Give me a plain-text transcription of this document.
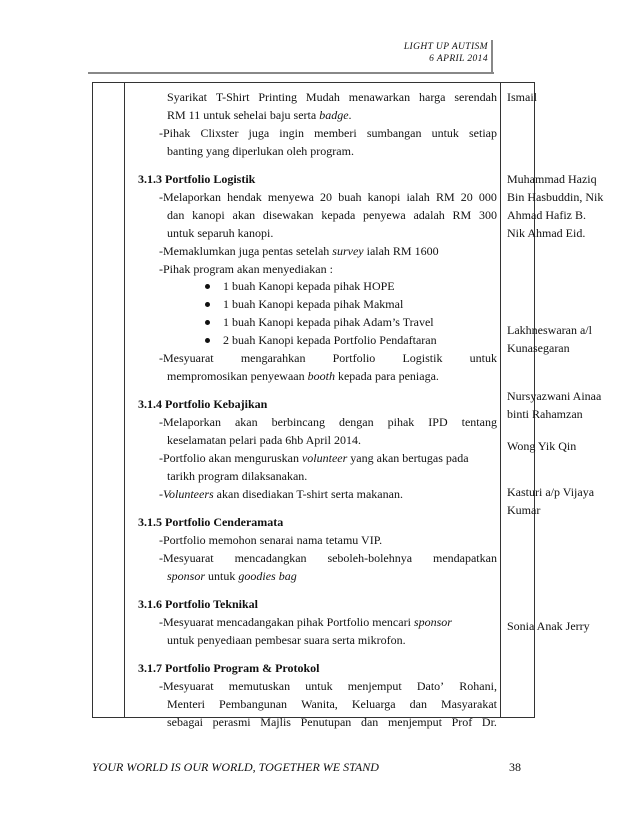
LIGHT UP AUTISM
6 APRIL 2014
Syarikat T-Shirt Printing Mudah menawarkan harga serendah
RM 11 untuk sehelai baju serta badge.
-Pihak Clixster juga ingin memberi sumbangan untuk setiap
banting yang diperlukan oleh program.
3.1.3 Portfolio Logistik
-Melaporkan hendak menyewa 20 buah kanopi ialah RM 20 000
dan kanopi akan disewakan kepada penyewa adalah RM 300
untuk separuh kanopi.
-Memaklumkan juga pentas setelah survey ialah RM 1600
-Pihak program akan menyediakan :
1 buah Kanopi kepada pihak HOPE
1 buah Kanopi kepada pihak Makmal
1 buah Kanopi kepada pihak Adam’s Travel
2 buah Kanopi kepada Portfolio Pendaftaran
-Mesyuarat mengarahkan Portfolio Logistik untuk
mempromosikan penyewaan booth kepada para peniaga.
3.1.4 Portfolio Kebajikan
-Melaporkan akan berbincang dengan pihak IPD tentang
keselamatan pelari pada 6hb April 2014.
-Portfolio akan menguruskan volunteer yang akan bertugas pada
tarikh program dilaksanakan.
-Volunteers akan disediakan T-shirt serta makanan.
3.1.5 Portfolio Cenderamata
-Portfolio memohon senarai nama tetamu VIP.
-Mesyuarat mencadangkan seboleh-bolehnya mendapatkan
sponsor untuk goodies bag
3.1.6 Portfolio Teknikal
-Mesyuarat mencadangakan pihak Portfolio mencari sponsor
untuk penyediaan pembesar suara serta mikrofon.
3.1.7 Portfolio Program & Protokol
-Mesyuarat memutuskan untuk menjemput Dato’ Rohani,
Menteri Pembangunan Wanita, Keluarga dan Masyarakat
sebagai perasmi Majlis Penutupan dan menjemput Prof Dr.
Ismail
Muhammad Haziq
Bin Hasbuddin, Nik
Ahmad Hafiz B.
Nik Ahmad Eid.
Lakhneswaran a/l
Kunasegaran
Nursyazwani Ainaa
binti Rahamzan
Wong Yik Qin
Kasturi a/p Vijaya
Kumar
Sonia Anak Jerry
YOUR WORLD IS OUR WORLD, TOGETHER WE STAND	38
